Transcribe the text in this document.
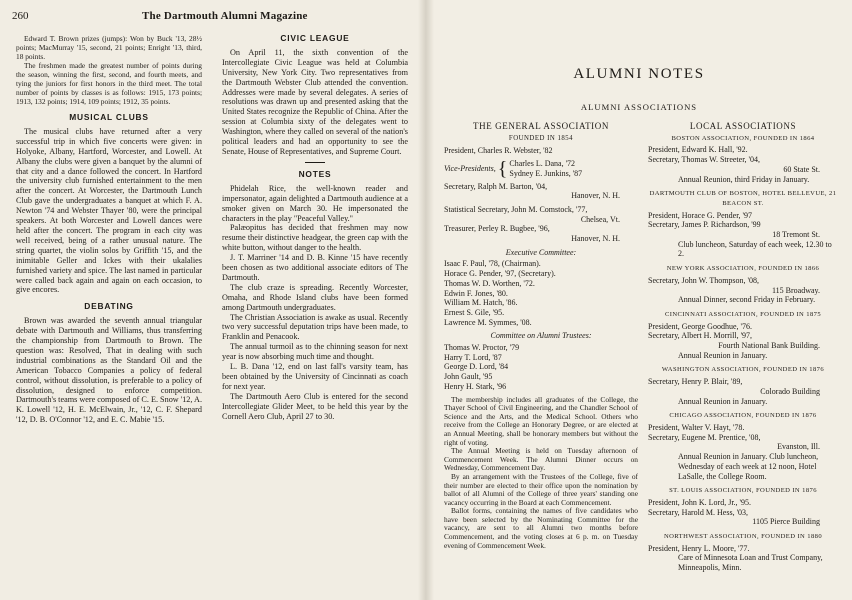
260	The Dartmouth Alumni Magazine

Edward T. Brown prizes (jumps): Won by Buck '13, 28½ points; MacMurray '15, second, 21 points; Enright '13, third, 18 points.

The freshmen made the greatest number of points during the season, winning the first, second, and fourth meets, and tying the juniors for first honors in the third meet. The total number of points by classes is as follows: 1915, 173 points; 1913, 132 points; 1914, 109 points; 1912, 35 points.

MUSICAL CLUBS

The musical clubs have returned after a very successful trip in which five concerts were given: in Holyoke, Albany, Hartford, Worcester, and Lowell. At Albany the clubs were given a banquet by the alumni of that city and a dance followed the concert. In Hartford the university club furnished entertainment to the men after the concert. At Worcester, the Dartmouth Lunch Club gave the undergraduates a banquet at which F. A. Newton '74 and Webster Thayer '80, were the principal speakers. At both Worcester and Lowell dances were held after the concert. The program in each city was well received, being of a rather unusual nature. The string quartet, the violin solos by Griffith '15, and the inimitable Geller and Ickes with their ukalalies furnished variety and spice. The last named in particular were called back again and again on each occasion, to give encores.

DEBATING

Brown was awarded the seventh annual triangular debate with Dartmouth and Williams, thus transferring the championship from Dartmouth to Brown. The question was: Resolved, That in dealing with such industrial combinations as the Standard Oil and the American Tobacco Companies a policy of federal control, without dissolution, is preferable to a policy of dissolution, designed to enforce competition. Dartmouth's teams were composed of C. E. Snow '12, A. K. Lowell '12, H. E. McElwain, Jr., '12, C. F. Shepard '12, D. B. O'Connor '12, and E. C. Mabie '15.

CIVIC LEAGUE

On April 11, the sixth convention of the Intercollegiate Civic League was held at Columbia University, New York City. Two representatives from the Dartmouth Webster Club attended the convention. Addresses were made by several delegates. A series of resolutions was drawn up and presented asking that the United States recognize the Republic of China. After the session at Columbia sixty of the delegates went to Washington, where they called on several of the nation's political leaders and had an opportunity to see the Senate, House of Representatives, and Supreme Court.

NOTES

Phidelah Rice, the well-known reader and impersonator, again delighted a Dartmouth audience at a smoker given on March 30. He impersonated the characters in the play "Peaceful Valley."

Palæopitus has decided that freshmen may now resume their distinctive headgear, the green cap with the white button, without danger to the health.

J. T. Marriner '14 and D. B. Kinne '15 have recently been chosen as two additional associate editors of The Dartmouth.

The club craze is spreading. Recently Worcester, Omaha, and Rhode Island clubs have been formed among Dartmouth undergraduates.

The Christian Association is awake as usual. Recently two very successful deputation trips have been made, to Franklin and Penacook.

The annual turmoil as to the chinning season for next year is now absorbing much time and thought.

L. B. Dana '12, end on last fall's varsity team, has been obtained by the University of Cincinnati as coach for next year.

The Dartmouth Aero Club is entered for the second Intercollegiate Glider Meet, to be held this year by the Cornell Aero Club, April 27 to 30.

ALUMNI NOTES
ALUMNI ASSOCIATIONS
THE GENERAL ASSOCIATION
FOUNDED IN 1854
President, Charles R. Webster, '82
Vice-Presidents, { Charles L. Dana, '72
Sydney E. Junkins, '87
Secretary, Ralph M. Barton, '04,
Hanover, N. H.
Statistical Secretary, John M. Comstock, '77,
Chelsea, Vt.
Treasurer, Perley R. Bugbee, '96,
Hanover, N. H.
Executive Committee:
Isaac F. Paul, '78, (Chairman).
Horace G. Pender, '97, (Secretary).
Thomas W. D. Worthen, '72.
Edwin F. Jones, '80.
William M. Hatch, '86.
Ernest S. Gile, '95.
Lawrence M. Symmes, '08.
Committee on Alumni Trustees:
Thomas W. Proctor, '79
Harry T. Lord, '87
George D. Lord, '84
John Gault, '95
Henry H. Stark, '96

The membership includes all graduates of the College, the Thayer School of Civil Engineering, and the Chandler School of Science and the Arts, and the Medical School. Others who receive from the College an Honorary Degree, or are elected at an Annual Meeting, shall be honorary members but without the right of voting.

The Annual Meeting is held on Tuesday afternoon of Commencement Week. The Alumni Dinner occurs on Wednesday, Commencement Day.

By an arrangement with the Trustees of the College, five of their number are elected to their office upon the nomination by ballot of all Alumni of the College of three years' standing one vacancy occurring in the Board at each Commencement.

Ballot forms, containing the names of five candidates who have been selected by the Nominating Committee for the vacancy, are sent to all Alumni two months before Commencement, and the voting closes at 6 p. m. on Tuesday evening of Commencement Week.

LOCAL ASSOCIATIONS
BOSTON ASSOCIATION, FOUNDED IN 1864
President, Edward K. Hall, '92.
Secretary, Thomas W. Streeter, '04,
60 State St.
Annual Reunion, third Friday in January.
DARTMOUTH CLUB OF BOSTON, HOTEL BELLEVUE, 21 BEACON ST.
President, Horace G. Pender, '97
Secretary, James P. Richardson, '99
18 Tremont St.
Club luncheon, Saturday of each week, 12.30 to 2.
NEW YORK ASSOCIATION, FOUNDED IN 1866
Secretary, John W. Thompson, '08,
115 Broadway.
Annual Dinner, second Friday in February.
CINCINNATI ASSOCIATION, FOUNDED IN 1875
President, George Goodhue, '76.
Secretary, Albert H. Morrill, '97,
Fourth National Bank Building.
Annual Reunion in January.
WASHINGTON ASSOCIATION, FOUNDED IN 1876
Secretary, Henry P. Blair, '89,
Colorado Building
Annual Reunion in January.
CHICAGO ASSOCIATION, FOUNDED IN 1876
President, Walter V. Hayt, '78.
Secretary, Eugene M. Prentice, '08,
Evanston, Ill.
Annual Reunion in January. Club luncheon, Wednesday of each week at 12 noon, Hotel LaSalle, the College Room.
ST. LOUIS ASSOCIATION, FOUNDED IN 1876
President, John K. Lord, Jr., '95.
Secretary, Harold M. Hess, '03,
1105 Pierce Building
NORTHWEST ASSOCIATION, FOUNDED IN 1880
President, Henry L. Moore, '77.
Care of Minnesota Loan and Trust Company, Minneapolis, Minn.
